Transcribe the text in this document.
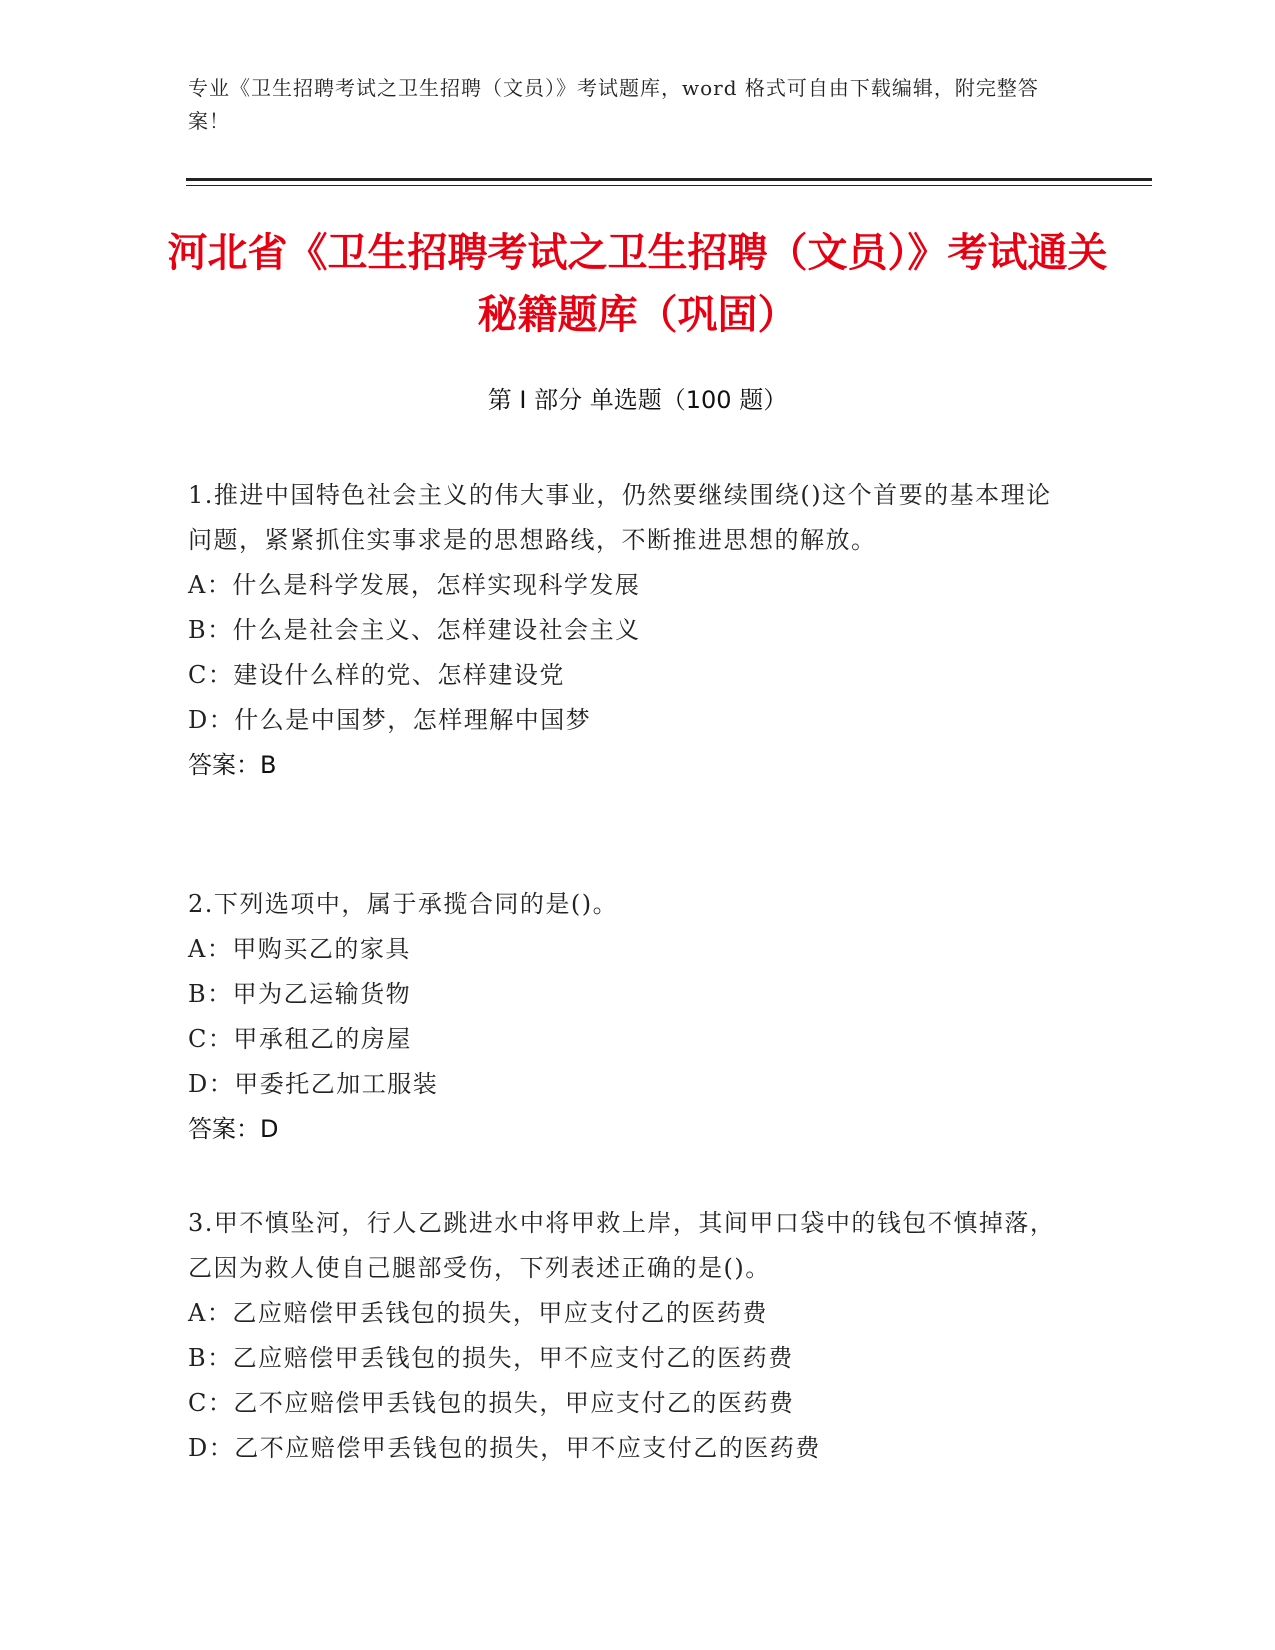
专业《卫生招聘考试之卫生招聘（文员）》考试题库，word 格式可自由下载编辑，附完整答案！
河北省《卫生招聘考试之卫生招聘（文员）》考试通关秘籍题库（巩固）
第 I 部分 单选题（100 题）
1.推进中国特色社会主义的伟大事业，仍然要继续围绕()这个首要的基本理论问题，紧紧抓住实事求是的思想路线，不断推进思想的解放。
A：什么是科学发展，怎样实现科学发展
B：什么是社会主义、怎样建设社会主义
C：建设什么样的党、怎样建设党
D：什么是中国梦，怎样理解中国梦
答案：B
2.下列选项中，属于承揽合同的是()。
A：甲购买乙的家具
B：甲为乙运输货物
C：甲承租乙的房屋
D：甲委托乙加工服装
答案：D
3.甲不慎坠河，行人乙跳进水中将甲救上岸，其间甲口袋中的钱包不慎掉落，乙因为救人使自己腿部受伤，下列表述正确的是()。
A：乙应赔偿甲丢钱包的损失，甲应支付乙的医药费
B：乙应赔偿甲丢钱包的损失，甲不应支付乙的医药费
C：乙不应赔偿甲丢钱包的损失，甲应支付乙的医药费
D：乙不应赔偿甲丢钱包的损失，甲不应支付乙的医药费
